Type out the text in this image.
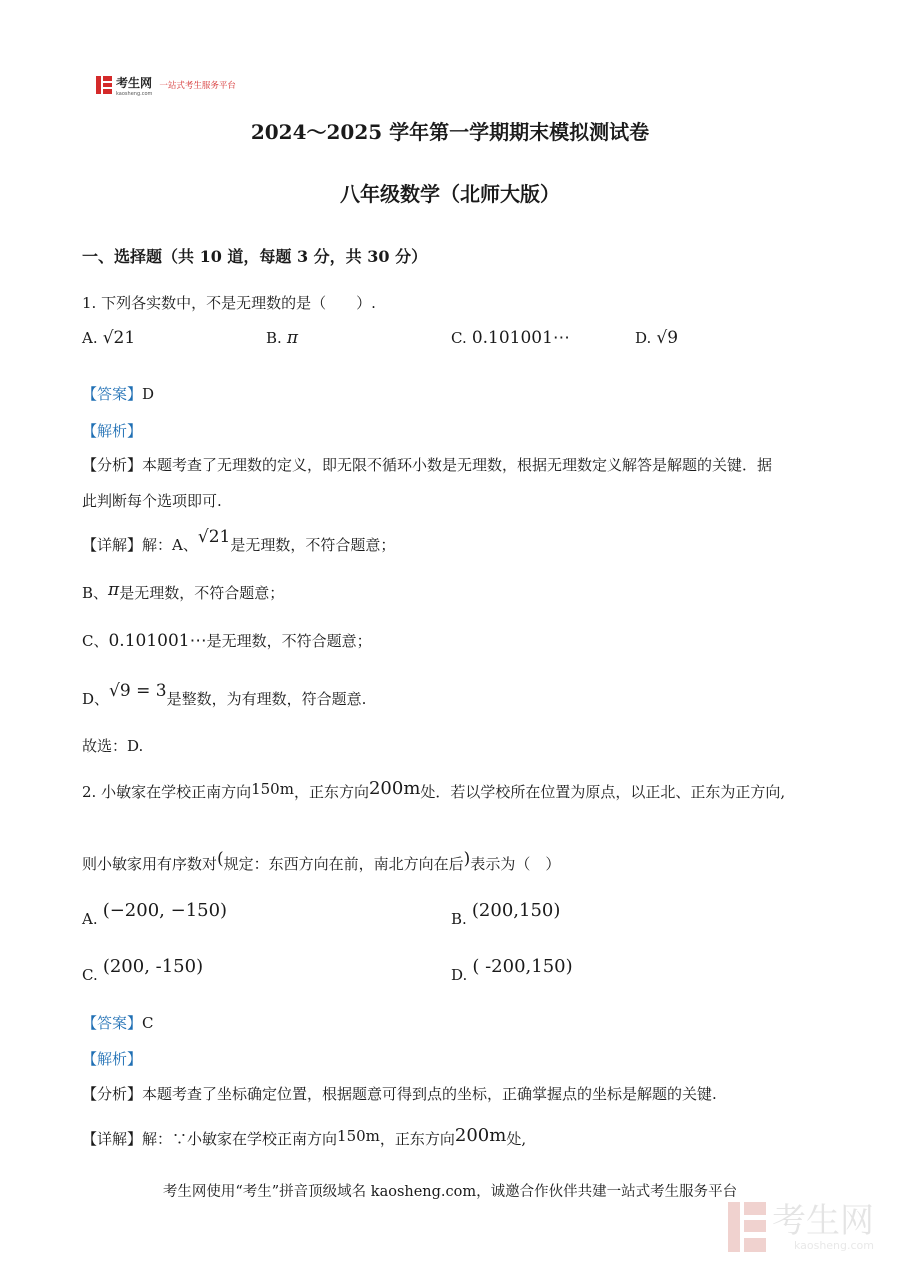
考生网
kaosheng.com
一站式考生服务平台
2024～2025 学年第一学期期末模拟测试卷
八年级数学（北师大版）
一、选择题（共 10 道，每题 3 分，共 30 分）
1. 下列各实数中，不是无理数的是（　　）.
A. √21	B. π	C. 0.101001⋯	D. √9
【答案】D
【解析】
【分析】本题考查了无理数的定义，即无限不循环小数是无理数，根据无理数定义解答是解题的关键．据
此判断每个选项即可.
【详解】解：A、√21是无理数，不符合题意；
B、π是无理数，不符合题意；
C、0.101001⋯是无理数，不符合题意；
D、√9 = 3是整数，为有理数，符合题意.
故选：D.
2. 小敏家在学校正南方向150m，正东方向200m处．若以学校所在位置为原点，以正北、正东为正方向,
则小敏家用有序数对(规定：东西方向在前，南北方向在后)表示为（　）
A. (−200, −150)	B. (200,150)
C. (200, -150)	D. ( -200,150)
【答案】C
【解析】
【分析】本题考查了坐标确定位置，根据题意可得到点的坐标，正确掌握点的坐标是解题的关键.
【详解】解：∵小敏家在学校正南方向150m，正东方向200m处,
考生网使用“考生”拼音顶级域名 kaosheng.com，诚邀合作伙伴共建一站式考生服务平台
考生网
kaosheng.com
